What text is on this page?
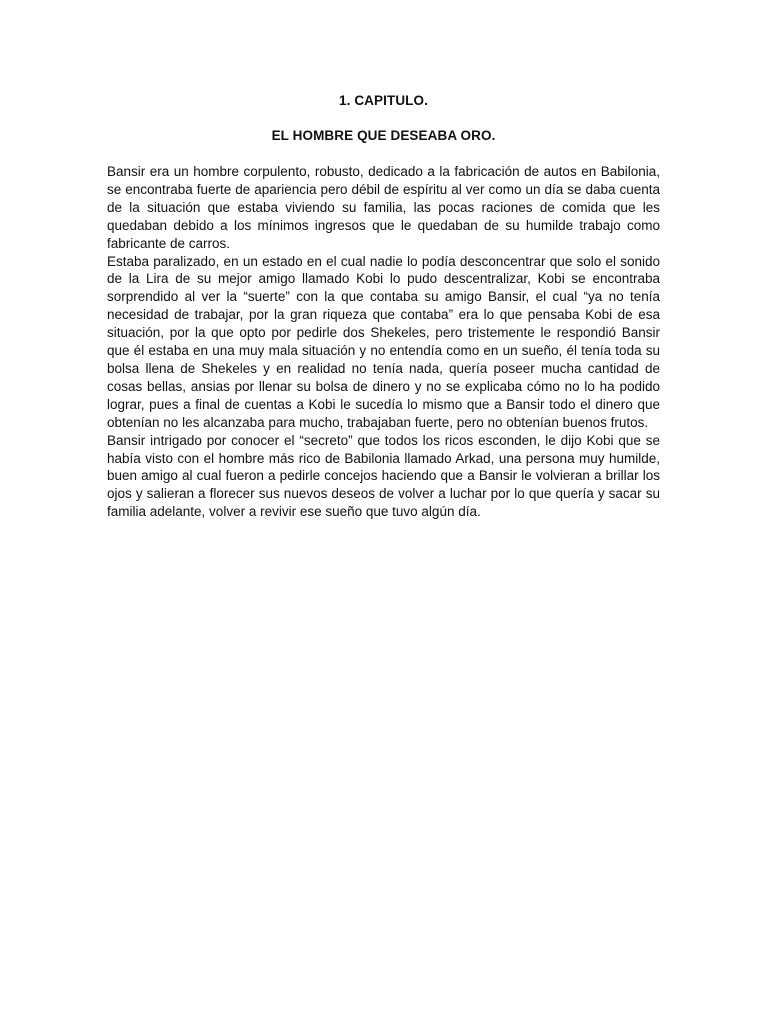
1. CAPITULO.
EL HOMBRE QUE DESEABA ORO.

Bansir era un hombre corpulento, robusto, dedicado a la fabricación de autos en Babilonia, se encontraba fuerte de apariencia pero débil de espíritu al ver como un día se daba cuenta de la situación que estaba viviendo su familia, las pocas raciones de comida que les quedaban debido a los mínimos ingresos que le quedaban de su humilde trabajo como fabricante de carros.

Estaba paralizado, en un estado en el cual nadie lo podía desconcentrar que solo el sonido de la Lira de su mejor amigo llamado Kobi lo pudo descentralizar, Kobi se encontraba sorprendido al ver la “suerte” con la que contaba su amigo Bansir, el cual “ya no tenía necesidad de trabajar, por la gran riqueza que contaba” era lo que pensaba Kobi de esa situación, por la que opto por pedirle dos Shekeles, pero tristemente le respondió Bansir que él estaba en una muy mala situación y no entendía como en un sueño, él tenía toda su bolsa llena de Shekeles y en realidad no tenía nada, quería poseer mucha cantidad de cosas bellas, ansias por llenar su bolsa de dinero y no se explicaba cómo no lo ha podido lograr, pues a final de cuentas a Kobi le sucedía lo mismo que a Bansir todo el dinero que obtenían no les alcanzaba para mucho, trabajaban fuerte, pero no obtenían buenos frutos.

Bansir intrigado por conocer el “secreto” que todos los ricos esconden, le dijo Kobi que se había visto con el hombre más rico de Babilonia llamado Arkad, una persona muy humilde, buen amigo al cual fueron a pedirle concejos haciendo que a Bansir le volvieran a brillar los ojos y salieran a florecer sus nuevos deseos de volver a luchar por lo que quería y sacar su familia adelante, volver a revivir ese sueño que tuvo algún día.
